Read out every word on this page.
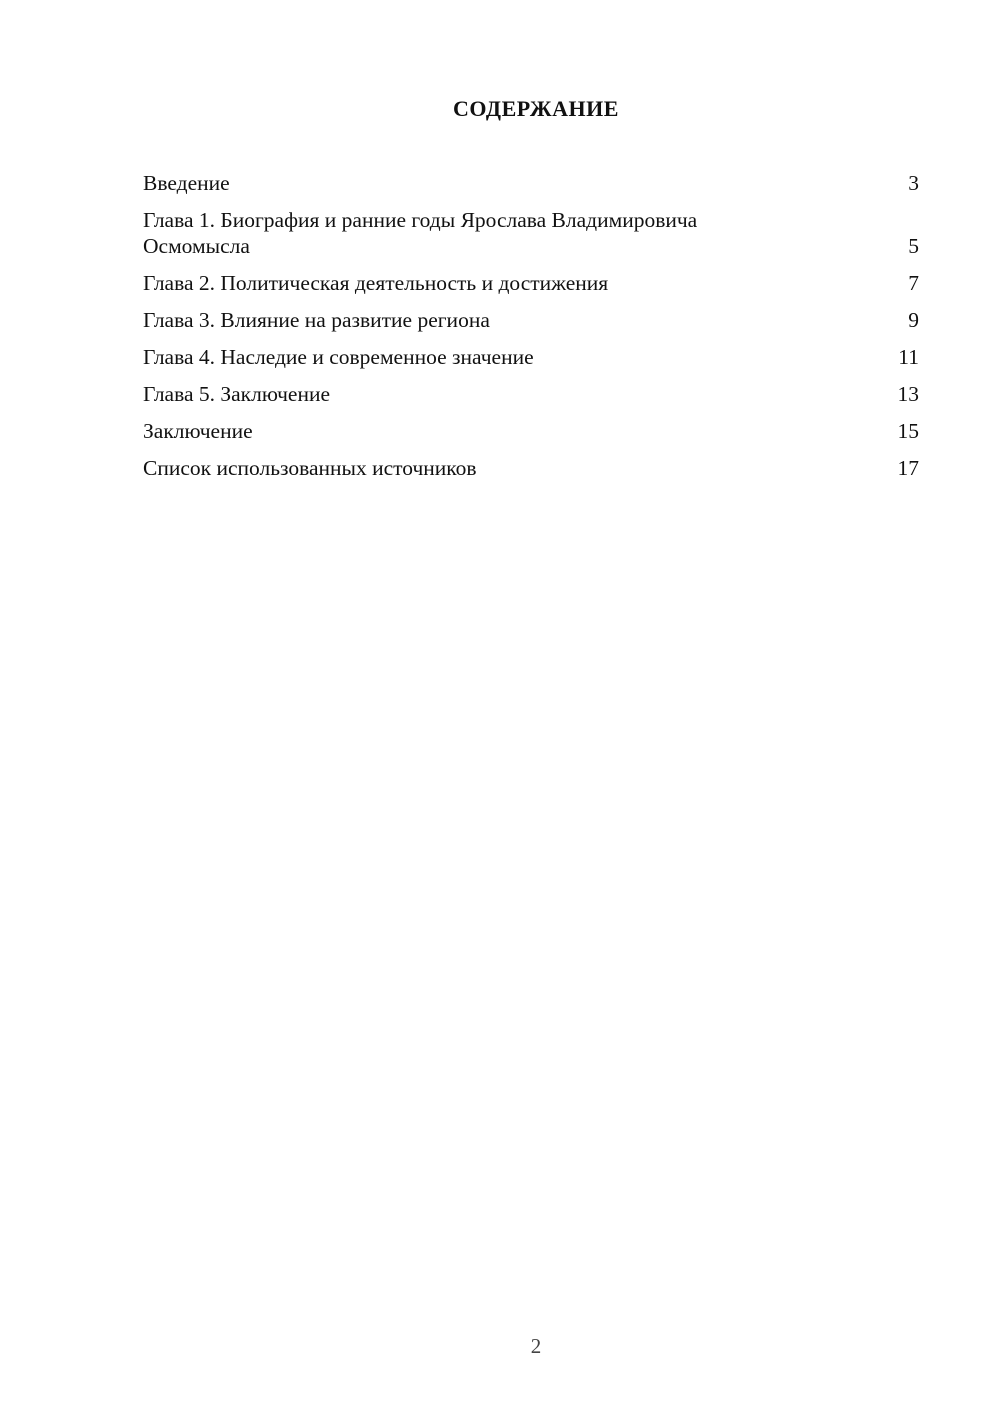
СОДЕРЖАНИЕ
Введение	3
Глава 1. Биография и ранние годы Ярослава Владимировича Осмомысла	5
Глава 2. Политическая деятельность и достижения	7
Глава 3. Влияние на развитие региона	9
Глава 4. Наследие и современное значение	11
Глава 5. Заключение	13
Заключение	15
Список использованных источников	17
2
